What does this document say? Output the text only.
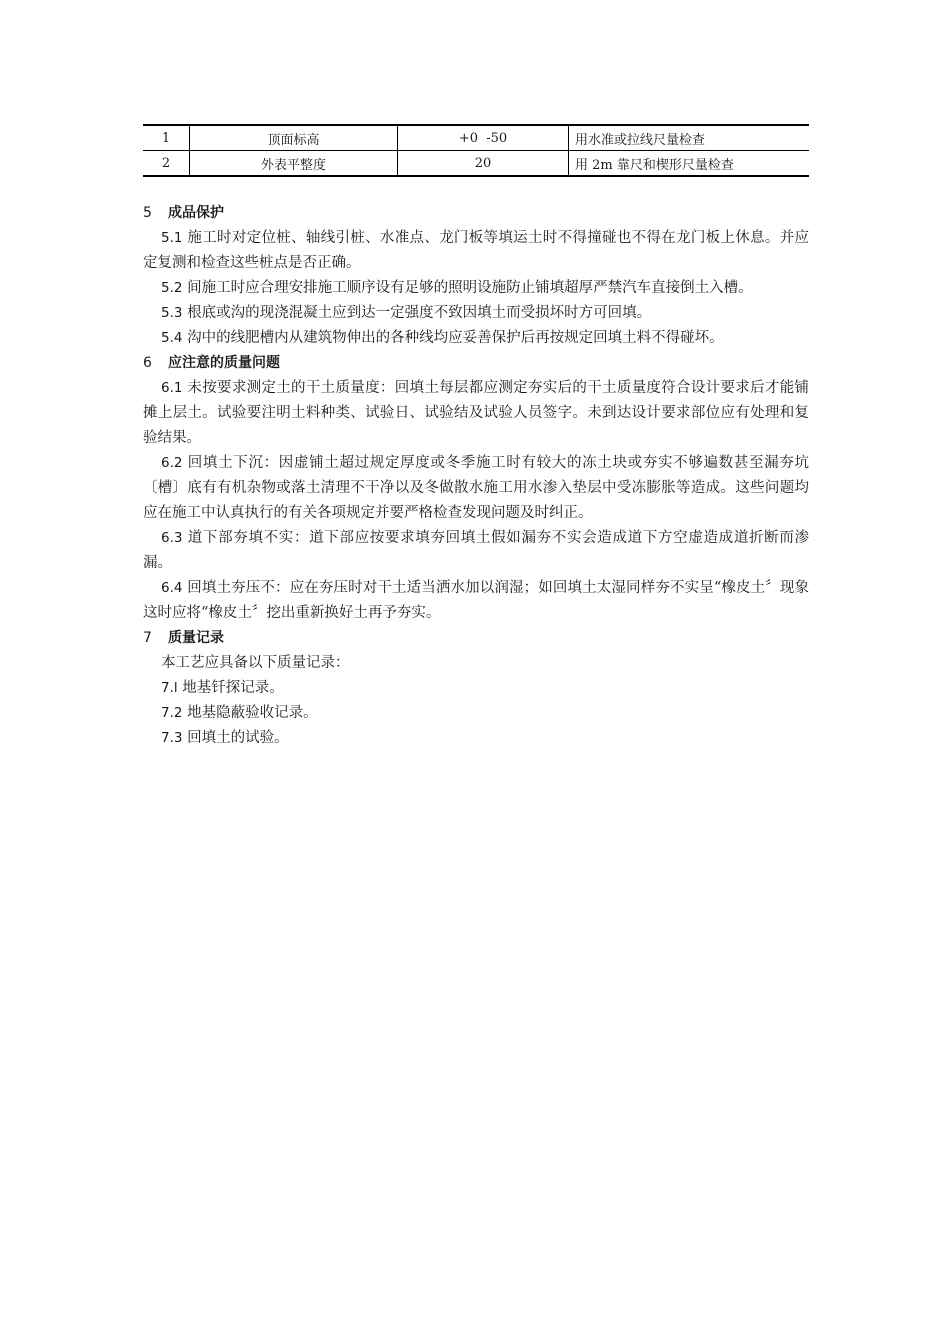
1	顶面标高	+0  -50	用水准或拉线尺量检查
2	外表平整度	20	用 2m 靠尺和楔形尺量检查

5 成品保护

5.1 施工时对定位桩、轴线引桩、水准点、龙门板等填运土时不得撞碰也不得在龙门板上休息。并应定复测和检查这些桩点是否正确。

5.2 间施工时应合理安排施工顺序设有足够的照明设施防止铺填超厚严禁汽车直接倒土入槽。

5.3 根底或沟的现浇混凝土应到达一定强度不致因填土而受损坏时方可回填。

5.4 沟中的线肥槽内从建筑物伸出的各种线均应妥善保护后再按规定回填土料不得碰坏。

6 应注意的质量问题

6.1 未按要求测定土的干土质量度：回填土每层都应测定夯实后的干土质量度符合设计要求后才能铺摊上层土。试验要注明土料种类、试验日、试验结及试验人员签字。未到达设计要求部位应有处理和复验结果。

6.2 回填土下沉：因虚铺土超过规定厚度或冬季施工时有较大的冻土块或夯实不够遍数甚至漏夯坑〔槽〕底有有机杂物或落土清理不干净以及冬做散水施工用水渗入垫层中受冻膨胀等造成。这些问题均应在施工中认真执行的有关各项规定并要严格检查发现问题及时纠正。

6.3 道下部夯填不实：道下部应按要求填夯回填土假如漏夯不实会造成道下方空虚造成道折断而渗漏。

6.4 回填土夯压不：应在夯压时对干土适当洒水加以润湿；如回填土太湿同样夯不实呈“橡皮土〞现象这时应将“橡皮土〞挖出重新换好土再予夯实。

7 质量记录

本工艺应具备以下质量记录：

7.l 地基钎探记录。

7.2 地基隐蔽验收记录。

7.3 回填土的试验。
